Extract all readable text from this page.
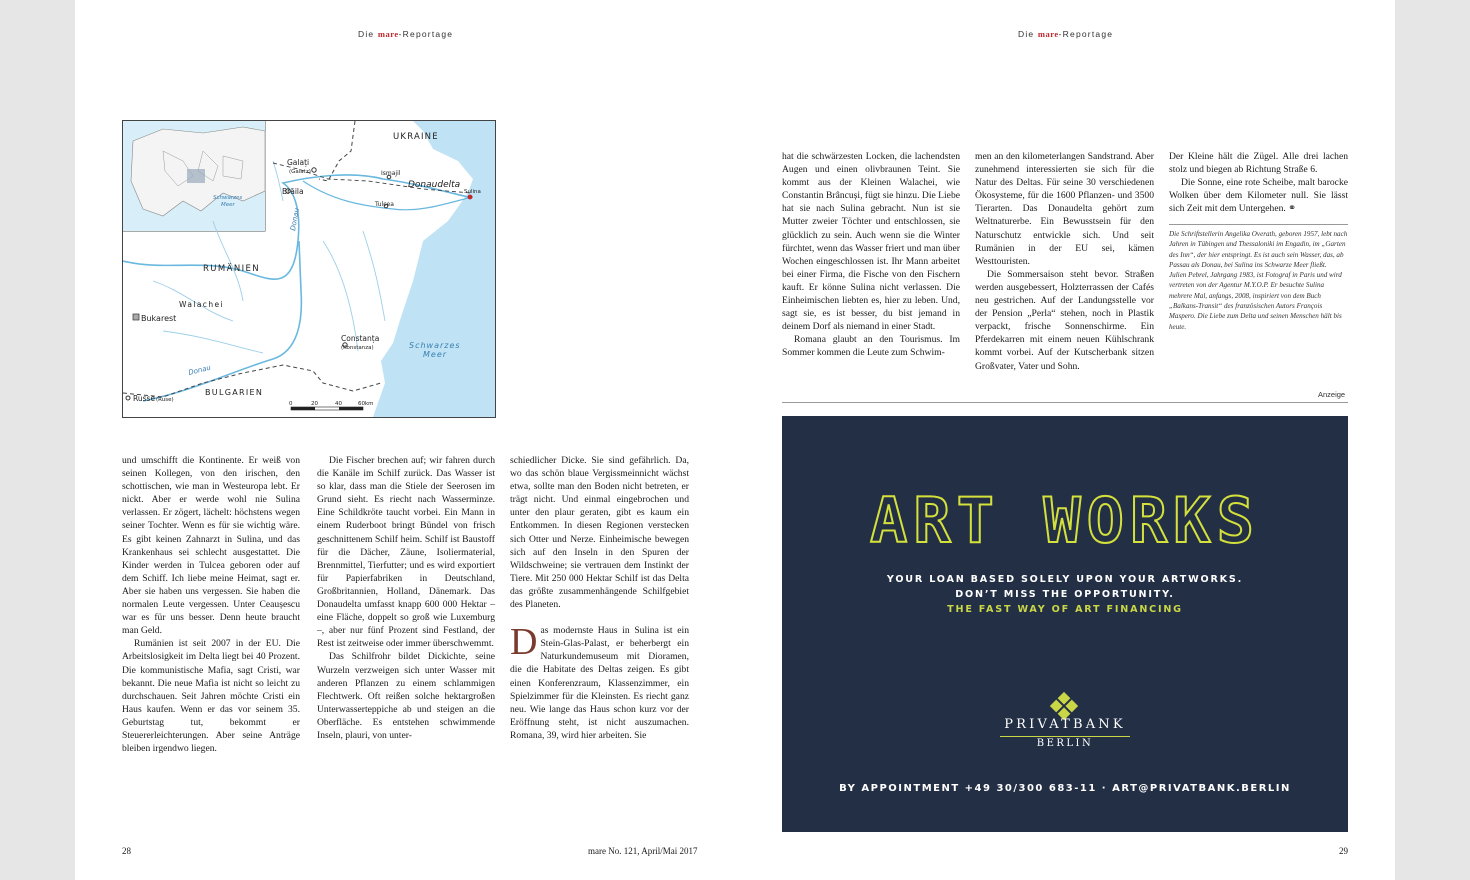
Die mare-Reportage
Schwarzes
Meer
UKRAINE
Galați
(Galatz)
Brăila
Ismajil
Donaudelta
Sulina
Tulcea
RUMÄNIEN
Walachei
Bukarest
Constanța
(Konstanza)	Schwarzes
Meer
Donau
Donau
BULGARIEN
Russe (Ruse)
0	20	40	60km

und umschifft die Kontinente. Er weiß von seinen Kollegen, von den irischen, den schottischen, wie man in Westeuropa lebt. Er nickt. Aber er werde wohl nie Sulina verlassen. Er zögert, lächelt: höchstens wegen seiner Tochter. Wenn es für sie wichtig wäre. Es gibt keinen Zahnarzt in Sulina, und das Krankenhaus sei schlecht ausgestattet. Die Kinder werden in Tulcea geboren oder auf dem Schiff. Ich liebe meine Heimat, sagt er. Aber sie haben uns vergessen. Sie haben die normalen Leute vergessen. Unter Ceaușescu war es für uns besser. Denn heute braucht man Geld.

Rumänien ist seit 2007 in der EU. Die Arbeitslosigkeit im Delta liegt bei 40 Prozent. Die kommunistische Mafia, sagt Cristi, war bekannt. Die neue Mafia ist nicht so leicht zu durchschauen. Seit Jahren möchte Cristi ein Haus kaufen. Wenn er das vor seinem 35. Geburtstag tut, bekommt er Steuererleichterungen. Aber seine Anträge bleiben irgendwo liegen.

Die Fischer brechen auf; wir fahren durch die Kanäle im Schilf zurück. Das Wasser ist so klar, dass man die Stiele der Seerosen im Grund sieht. Es riecht nach Wasserminze. Eine Schildkröte taucht vorbei. Ein Mann in einem Ruderboot bringt Bündel von frisch geschnittenem Schilf heim. Schilf ist Baustoff für die Dächer, Zäune, Isoliermaterial, Brennmittel, Tierfutter; und es wird exportiert für Papierfabriken in Deutschland, Großbritannien, Holland, Dänemark. Das Donaudelta umfasst knapp 600 000 Hektar – eine Fläche, doppelt so groß wie Luxemburg –, aber nur fünf Prozent sind Festland, der Rest ist zeitweise oder immer überschwemmt.

Das Schilfrohr bildet Dickichte, seine Wurzeln verzweigen sich unter Wasser mit anderen Pflanzen zu einem schlammigen Flechtwerk. Oft reißen solche hektargroßen Unterwasserteppiche ab und steigen an die Oberfläche. Es entstehen schwimmende Inseln, plauri, von unter-

schiedlicher Dicke. Sie sind gefährlich. Da, wo das schön blaue Vergissmeinnicht wächst etwa, sollte man den Boden nicht betreten, er trägt nicht. Und einmal eingebrochen und unter den plaur geraten, gibt es kaum ein Entkommen. In diesen Regionen verstecken sich Otter und Nerze. Einheimische bewegen sich auf den Inseln in den Spuren der Wildschweine; sie vertrauen dem Instinkt der Tiere. Mit 250 000 Hektar Schilf ist das Delta das größte zusammenhängende Schilfgebiet des Planeten.

Das modernste Haus in Sulina ist ein Stein-Glas-Palast, er beherbergt ein Naturkundemuseum mit Dioramen, die die Habitate des Deltas zeigen. Es gibt einen Konferenzraum, Klassenzimmer, ein Spielzimmer für die Kleinsten. Es riecht ganz neu. Wie lange das Haus schon kurz vor der Eröffnung steht, ist nicht auszumachen. Romana, 39, wird hier arbeiten. Sie

28	mare No. 121, April/Mai 2017
Die mare-Reportage

hat die schwärzesten Locken, die lachendsten Augen und einen olivbraunen Teint. Sie kommt aus der Kleinen Walachei, wie Constantin Brâncuși, fügt sie hinzu. Die Liebe hat sie nach Sulina gebracht. Nun ist sie Mutter zweier Töchter und entschlossen, sie glücklich zu sein. Auch wenn sie die Winter fürchtet, wenn das Wasser friert und man über Wochen eingeschlossen ist. Ihr Mann arbeitet bei einer Firma, die Fische von den Fischern kauft. Er könne Sulina nicht verlassen. Die Einheimischen liebten es, hier zu leben. Und, sagt sie, es ist besser, du bist jemand in deinem Dorf als niemand in einer Stadt.

Romana glaubt an den Tourismus. Im Sommer kommen die Leute zum Schwim-

men an den kilometerlangen Sandstrand. Aber zunehmend interessierten sie sich für die Natur des Deltas. Für seine 30 verschiedenen Ökosysteme, für die 1600 Pflanzen- und 3500 Tierarten. Das Donaudelta gehört zum Weltnaturerbe. Ein Bewusstsein für den Naturschutz entwickle sich. Und seit Rumänien in der EU sei, kämen Westtouristen.

Die Sommersaison steht bevor. Straßen werden ausgebessert, Holzterrassen der Cafés neu gestrichen. Auf der Landungsstelle vor der Pension „Perla“ stehen, noch in Plastik verpackt, frische Sonnenschirme. Ein Pferdekarren mit einem neuen Kühlschrank kommt vorbei. Auf der Kutscherbank sitzen Großvater, Vater und Sohn.

Der Kleine hält die Zügel. Alle drei lachen stolz und biegen ab Richtung Straße 6.

Die Sonne, eine rote Scheibe, malt barocke Wolken über dem Kilometer null. Sie lässt sich Zeit mit dem Untergehen. ⚭

Die Schriftstellerin Angelika Overath, geboren 1957, lebt nach Jahren in Tübingen und Thessaloniki im Engadin, im „Garten des Inn“, der hier entspringt. Es ist auch sein Wasser, das, ab Passau als Donau, bei Sulina ins Schwarze Meer fließt.

Julien Pebrel, Jahrgang 1983, ist Fotograf in Paris und wird vertreten von der Agentur M.Y.O.P. Er besuchte Sulina mehrere Mal, anfangs, 2008, inspiriert von dem Buch „Balkans-Transit“ des französischen Autors François Maspero. Die Liebe zum Delta und seinen Menschen hält bis heute.

Anzeige
ART WORKS
YOUR LOAN BASED SOLELY UPON YOUR ARTWORKS.
DON’T MISS THE OPPORTUNITY.
THE FAST WAY OF ART FINANCING
PRIVATBANK
BERLIN
BY APPOINTMENT +49 30/300 683-11 · ART@PRIVATBANK.BERLIN
29
